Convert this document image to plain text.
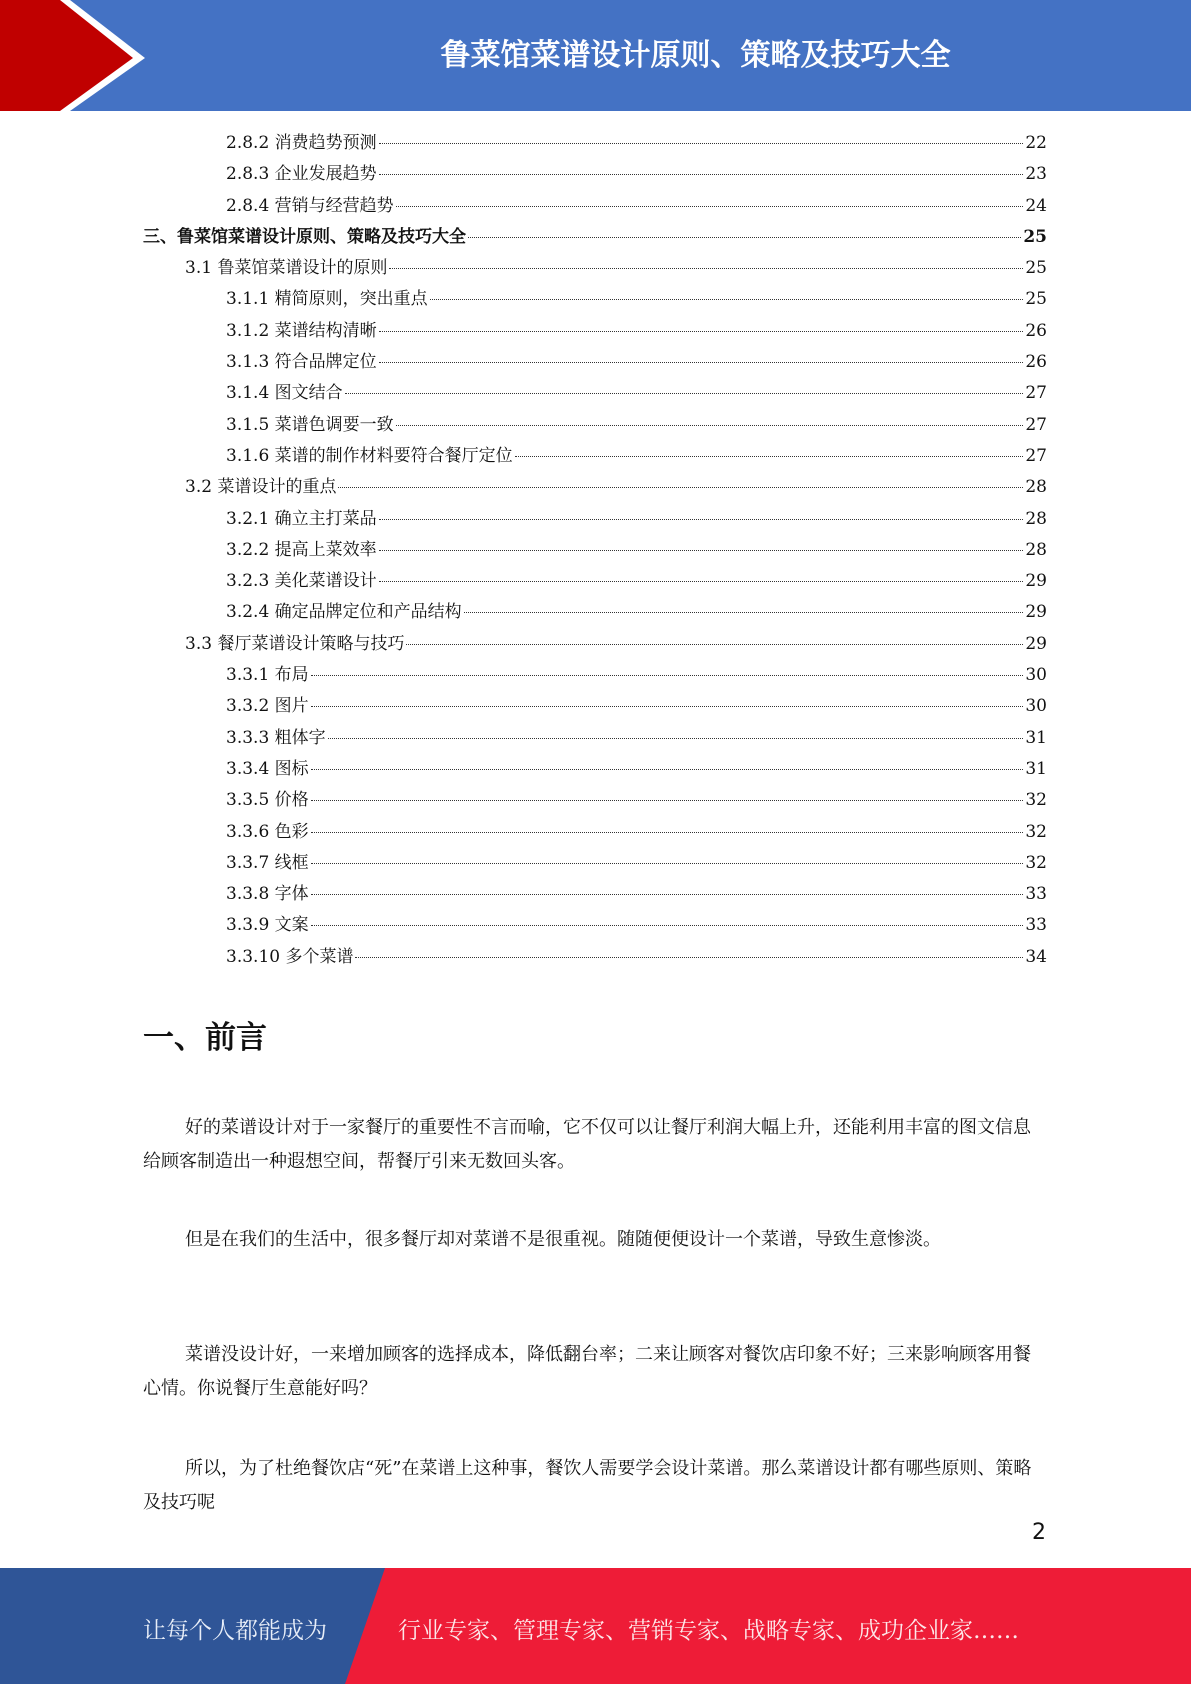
鲁菜馆菜谱设计原则、策略及技巧大全
2.8.2 消费趋势预测	22
2.8.3 企业发展趋势	23
2.8.4 营销与经营趋势	24
三、鲁菜馆菜谱设计原则、策略及技巧大全	25
3.1 鲁菜馆菜谱设计的原则	25
3.1.1 精简原则，突出重点	25
3.1.2 菜谱结构清晰	26
3.1.3 符合品牌定位	26
3.1.4 图文结合	27
3.1.5 菜谱色调要一致	27
3.1.6 菜谱的制作材料要符合餐厅定位	27
3.2 菜谱设计的重点	28
3.2.1 确立主打菜品	28
3.2.2 提高上菜效率	28
3.2.3 美化菜谱设计	29
3.2.4 确定品牌定位和产品结构	29
3.3 餐厅菜谱设计策略与技巧	29
3.3.1 布局	30
3.3.2 图片	30
3.3.3 粗体字	31
3.3.4 图标	31
3.3.5 价格	32
3.3.6 色彩	32
3.3.7 线框	32
3.3.8 字体	33
3.3.9 文案	33
3.3.10 多个菜谱	34
一、前言
好的菜谱设计对于一家餐厅的重要性不言而喻，它不仅可以让餐厅利润大幅上升，还能利用丰富的图文信息给顾客制造出一种遐想空间，帮餐厅引来无数回头客。
但是在我们的生活中，很多餐厅却对菜谱不是很重视。随随便便设计一个菜谱，导致生意惨淡。
菜谱没设计好，一来增加顾客的选择成本，降低翻台率；二来让顾客对餐饮店印象不好；三来影响顾客用餐心情。你说餐厅生意能好吗？
所以，为了杜绝餐饮店“死”在菜谱上这种事，餐饮人需要学会设计菜谱。那么菜谱设计都有哪些原则、策略及技巧呢
2
让每个人都能成为	行业专家、管理专家、营销专家、战略专家、成功企业家……
